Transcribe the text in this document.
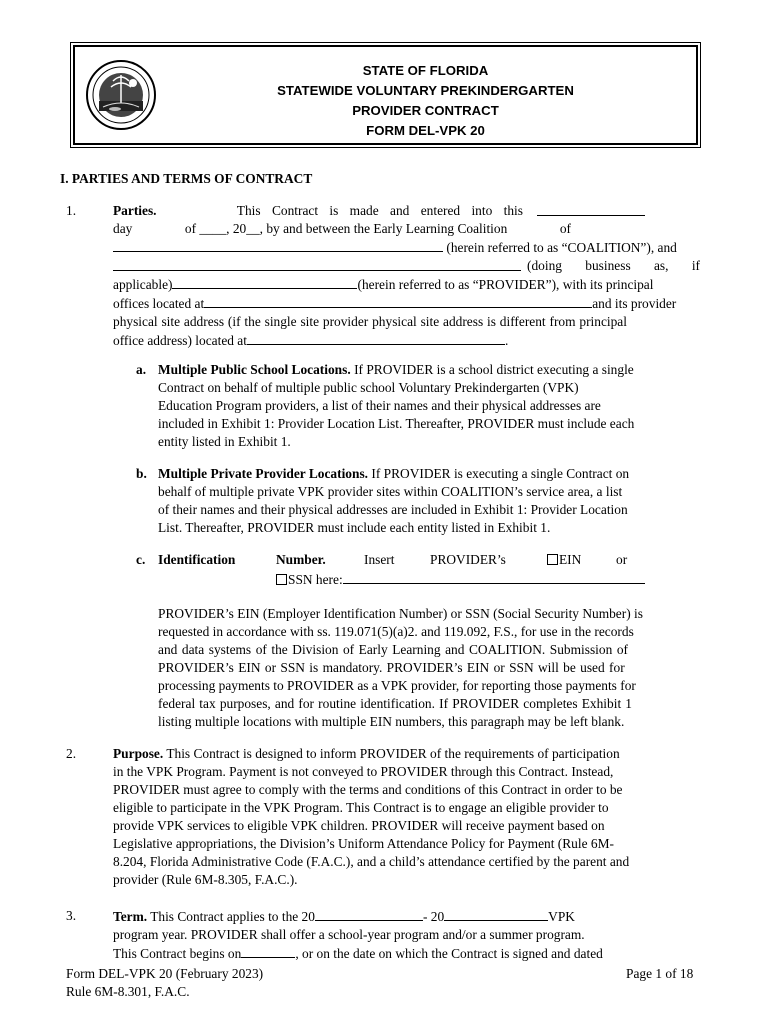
STATE OF FLORIDA
STATEWIDE VOLUNTARY PREKINDERGARTEN
PROVIDER CONTRACT
FORM DEL-VPK 20
I. PARTIES AND TERMS OF CONTRACT
1.	Parties.	This Contract is made and entered into this
day	of ____, 20__, by and between the Early Learning Coalition	of
(herein referred to as “COALITION”), and
(doing business as, if
applicable)	(herein referred to as “PROVIDER”), with its principal
offices located at	and its provider
physical site address (if the single site provider physical site address is different from principal
office address) located at	.
a. Multiple Public School Locations. If PROVIDER is a school district executing a single
Contract on behalf of multiple public school Voluntary Prekindergarten (VPK)
Education Program providers, a list of their names and their physical addresses are
included in Exhibit 1: Provider Location List. Thereafter, PROVIDER must include each
entity listed in Exhibit 1.
b. Multiple Private Provider Locations. If PROVIDER is executing a single Contract on
behalf of multiple private VPK provider sites within COALITION’s service area, a list
of their names and their physical addresses are included in Exhibit 1: Provider Location
List. Thereafter, PROVIDER must include each entity listed in Exhibit 1.
c. Identification	Number.	Insert	PROVIDER’s	EIN	or
SSN here:
PROVIDER’s EIN (Employer Identification Number) or SSN (Social Security Number) is
requested in accordance with ss. 119.071(5)(a)2. and 119.092, F.S., for use in the records
and data systems of the Division of Early Learning and COALITION. Submission of
PROVIDER’s EIN or SSN is mandatory. PROVIDER’s EIN or SSN will be used for
processing payments to PROVIDER as a VPK provider, for reporting those payments for
federal tax purposes, and for routine identification. If PROVIDER completes Exhibit 1
listing multiple locations with multiple EIN numbers, this paragraph may be left blank.
2.	Purpose. This Contract is designed to inform PROVIDER of the requirements of participation
in the VPK Program. Payment is not conveyed to PROVIDER through this Contract. Instead,
PROVIDER must agree to comply with the terms and conditions of this Contract in order to be
eligible to participate in the VPK Program. This Contract is to engage an eligible provider to
provide VPK services to eligible VPK children. PROVIDER will receive payment based on
Legislative appropriations, the Division’s Uniform Attendance Policy for Payment (Rule 6M-
8.204, Florida Administrative Code (F.A.C.), and a child’s attendance certified by the parent and
provider (Rule 6M-8.305, F.A.C.).
3.	Term. This Contract applies to the 20	- 20	VPK
program year. PROVIDER shall offer a school-year program and/or a summer program.
This Contract begins on	, or on the date on which the Contract is signed and dated
Form DEL-VPK 20 (February 2023)	Page 1 of 18
Rule 6M-8.301, F.A.C.
